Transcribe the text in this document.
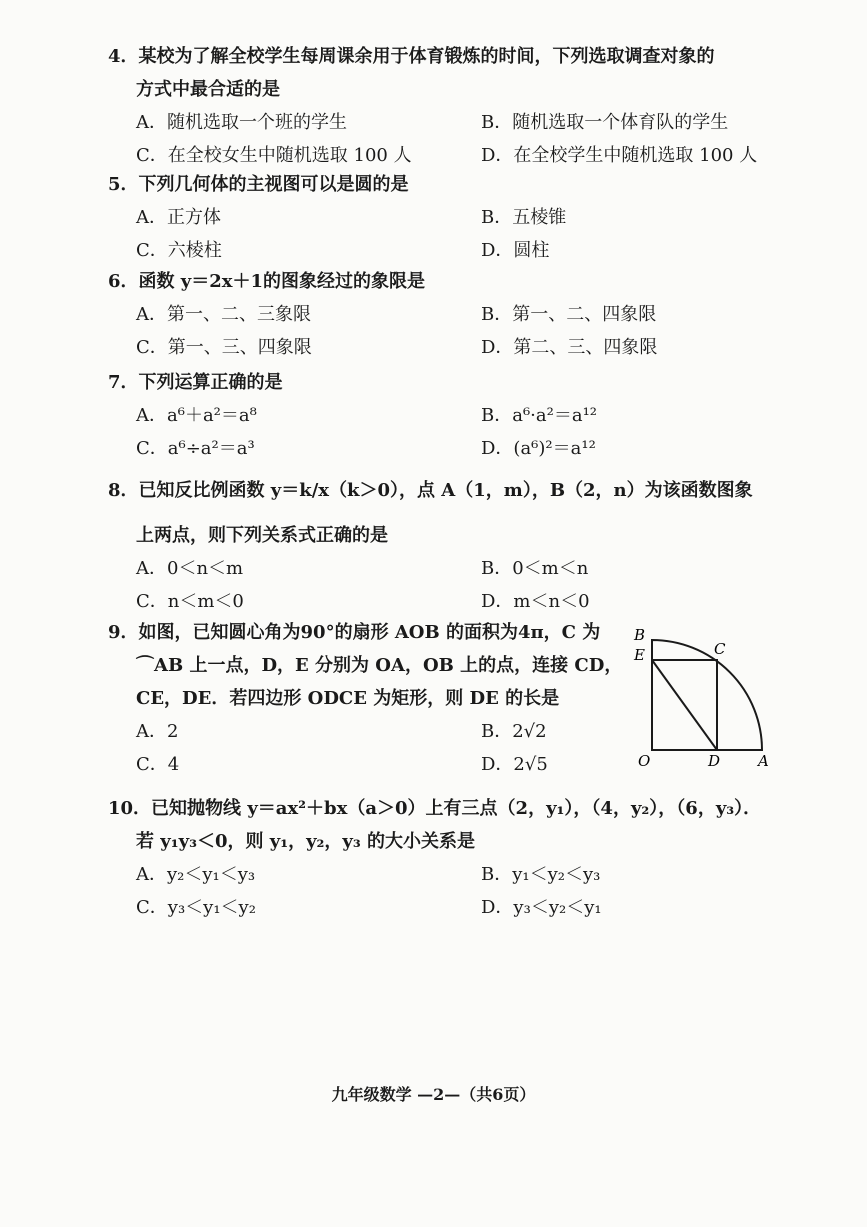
4．某校为了解全校学生每周课余用于体育锻炼的时间，下列选取调查对象的
方式中最合适的是
A．随机选取一个班的学生	B．随机选取一个体育队的学生
C．在全校女生中随机选取 100 人	D．在全校学生中随机选取 100 人
5．下列几何体的主视图可以是圆的是
A．正方体	B．五棱锥
C．六棱柱	D．圆柱
6．函数 y＝2x＋1的图象经过的象限是
A．第一、二、三象限	B．第一、二、四象限
C．第一、三、四象限	D．第二、三、四象限
7．下列运算正确的是
A．a⁶＋a²＝a⁸	B．a⁶·a²＝a¹²
C．a⁶÷a²＝a³	D．(a⁶)²＝a¹²
8．已知反比例函数 y＝k/x（k＞0），点 A（1，m），B（2，n）为该函数图象
上两点，则下列关系式正确的是
A．0＜n＜m	B．0＜m＜n
C．n＜m＜0	D．m＜n＜0
9．如图，已知圆心角为90°的扇形 AOB 的面积为4π，C 为
⌒AB 上一点，D，E 分别为 OA，OB 上的点，连接 CD，
CE，DE．若四边形 ODCE 为矩形，则 DE 的长是
A．2	B．2√2
C．4	D．2√5
B
E	C
O	D	A
10．已知抛物线 y＝ax²＋bx（a＞0）上有三点（2，y₁），（4，y₂），（6，y₃）．
若 y₁y₃＜0，则 y₁，y₂，y₃ 的大小关系是
A．y₂＜y₁＜y₃	B．y₁＜y₂＜y₃
C．y₃＜y₁＜y₂	D．y₃＜y₂＜y₁
九年级数学 —2—（共6页）
